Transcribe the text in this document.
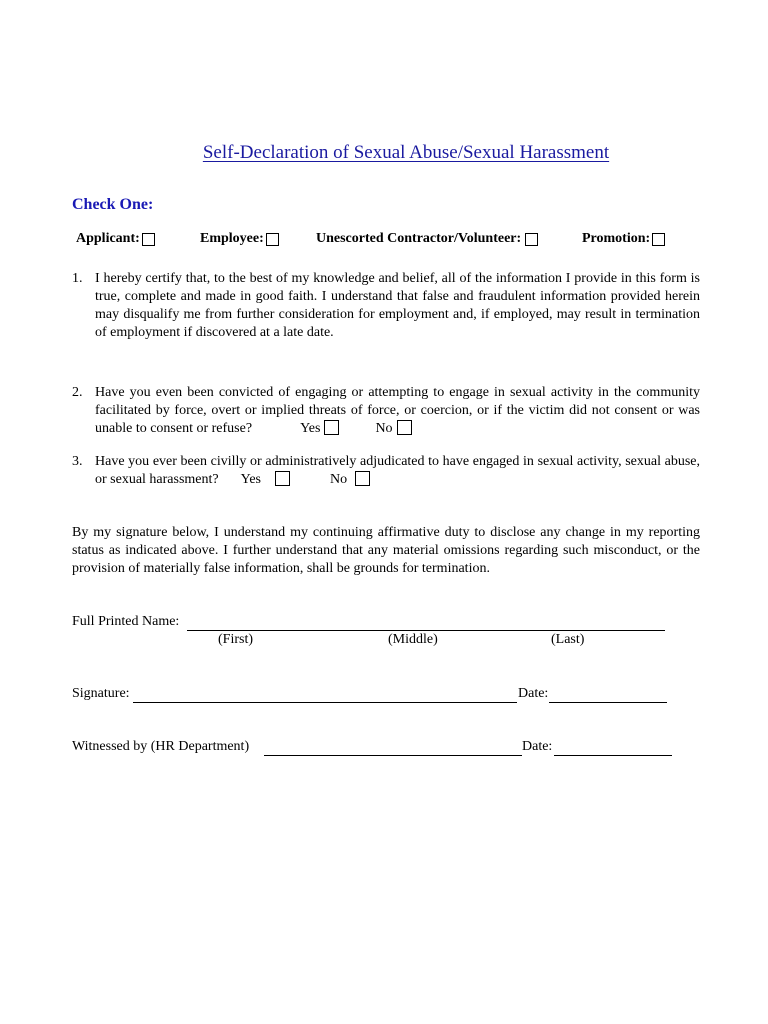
Self-Declaration of Sexual Abuse/Sexual Harassment
Check One:
Applicant:	Employee:	Unescorted Contractor/Volunteer:	Promotion:
1. I hereby certify that, to the best of my knowledge and belief, all of the information I provide in this form is true, complete and made in good faith. I understand that false and fraudulent information provided herein may disqualify me from further consideration for employment and, if employed, may result in termination of employment if discovered at a late date.
2. Have you even been convicted of engaging or attempting to engage in sexual activity in the community facilitated by force, overt or implied threats of force, or coercion, or if the victim did not consent or was unable to consent or refuse?	Yes	No
3. Have you ever been civilly or administratively adjudicated to have engaged in sexual activity, sexual abuse, or sexual harassment? Yes	No
By my signature below, I understand my continuing affirmative duty to disclose any change in my reporting status as indicated above. I further understand that any material omissions regarding such misconduct, or the provision of materially false information, shall be grounds for termination.
Full Printed Name:
(First)	(Middle)	(Last)
Signature:	Date:
Witnessed by (HR Department)	Date:
